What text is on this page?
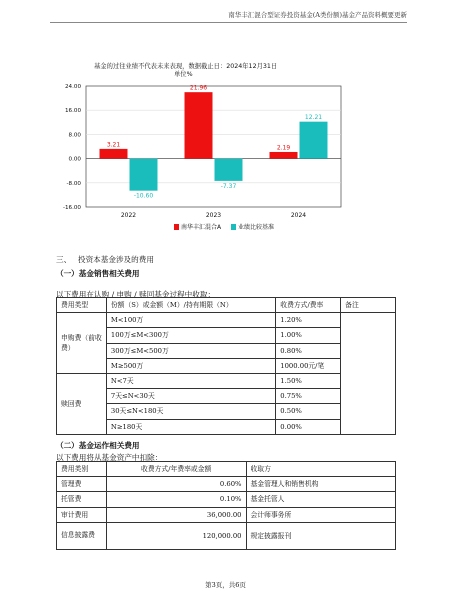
南华丰汇混合型证券投资基金(A类份额)基金产品资料概要更新
基金的过往业绩不代表未来表现，数据截止日：2024年12月31日
单位%
24.00
16.00
8.00
0.00
-8.00
-16.00
2022
3.21
-10.60
2023
21.96
-7.37
2024
2.19
12.21
南华丰汇混合A	业绩比较基准
三、 投资本基金涉及的费用
（一）基金销售相关费用
以下费用在认购 / 申购 / 赎回基金过程中收取：
费用类型	份额（S）或金额（M）/持有期限（N）	收费方式/费率	备注
申购费（前收费）	M<100万	1.20%	
	100万≤M<300万	1.00%	
	300万≤M<500万	0.80%	
	M≥500万	1000.00元/笔	
赎回费	N<7天	1.50%	
	7天≤N<30天	0.75%	
	30天≤N<180天	0.50%	
	N≥180天	0.00%	
（二）基金运作相关费用
以下费用将从基金资产中扣除：
费用类别	收费方式/年费率或金额	收取方
管理费	0.60%	基金管理人和销售机构
托管费	0.10%	基金托管人
审计费用	36,000.00	会计师事务所
信息披露费	120,000.00	规定披露报刊
第3页，共6页
